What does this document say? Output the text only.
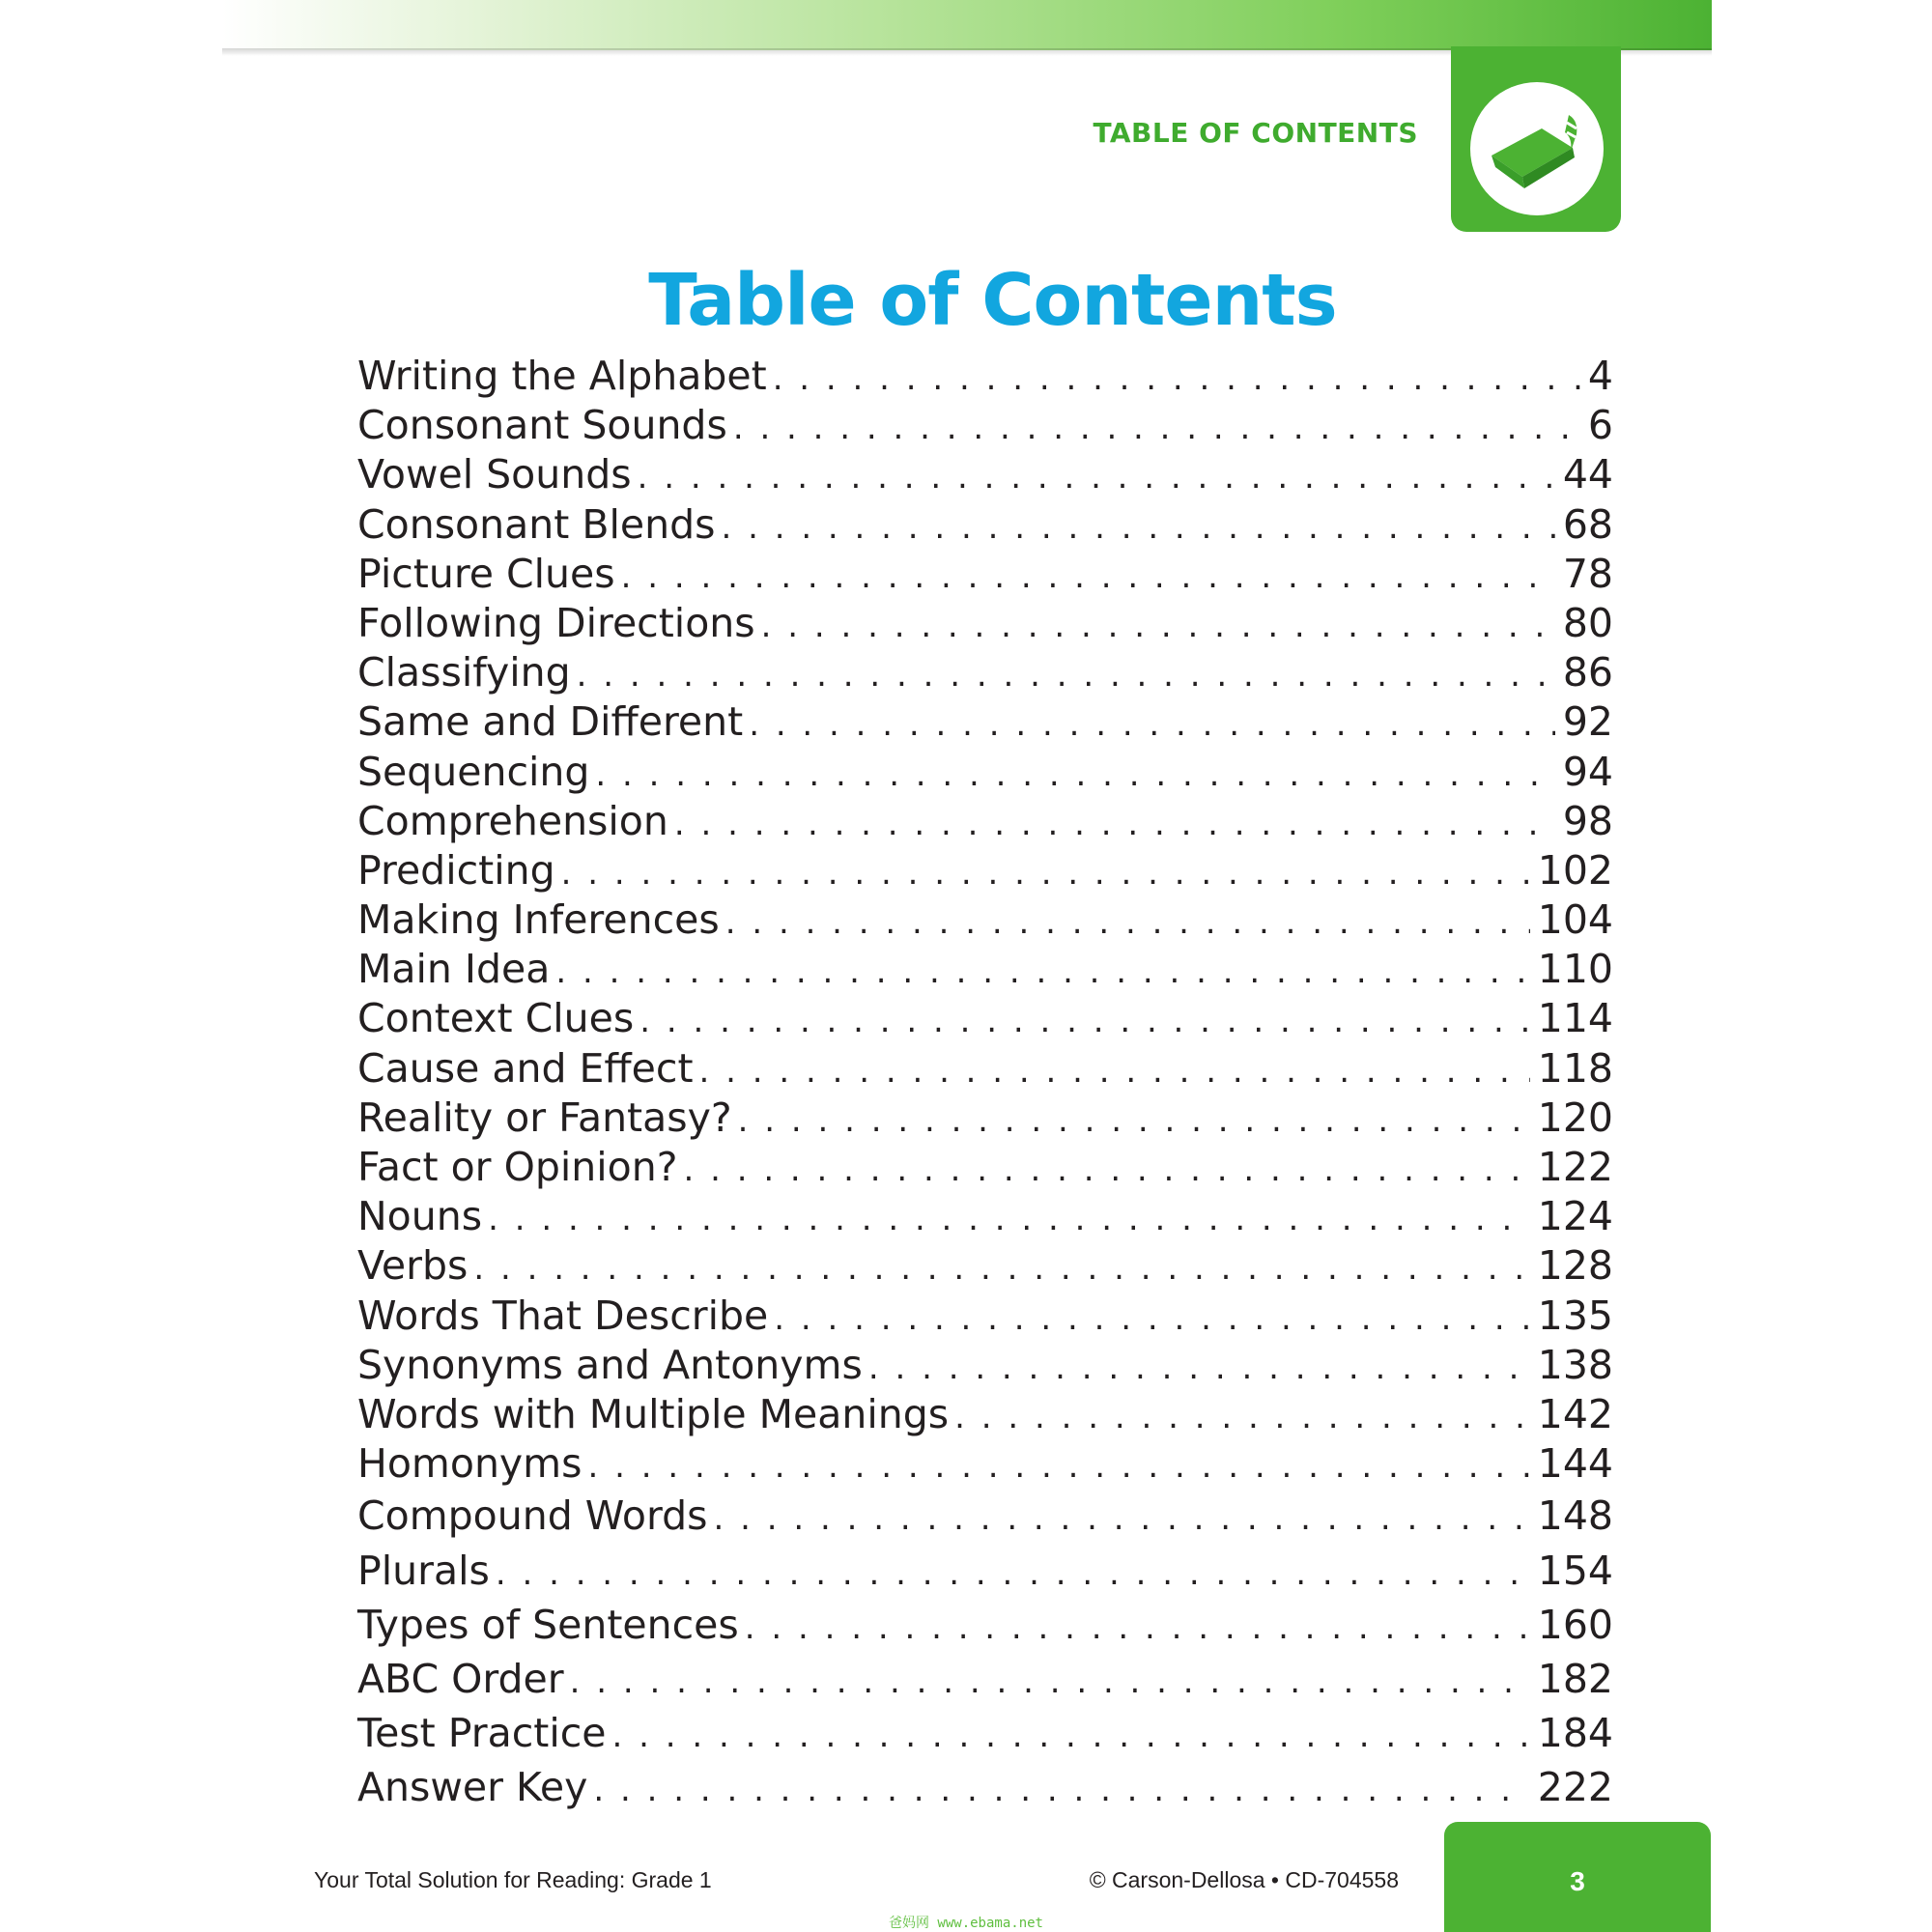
TABLE OF CONTENTS
Table of Contents
Writing the Alphabet . . .	4
Consonant Sounds . . .	6
Vowel Sounds . . .	44
Consonant Blends . . .	68
Picture Clues . . .	78
Following Directions . . .	80
Classifying . . .	86
Same and Different . . .	92
Sequencing . . .	94
Comprehension . . .	98
Predicting . . .	102
Making Inferences . . .	104
Main Idea . . .	110
Context Clues . . .	114
Cause and Effect . . .	118
Reality or Fantasy? . . .	120
Fact or Opinion? . . .	122
Nouns . . .	124
Verbs . . .	128
Words That Describe . . .	135
Synonyms and Antonyms . . .	138
Words with Multiple Meanings . . .	142
Homonyms . . .	144
Compound Words . . .	148
Plurals . . .	154
Types of Sentences . . .	160
ABC Order . . .	182
Test Practice . . .	184
Answer Key . . .	222
Your Total Solution for Reading: Grade 1	© Carson-Dellosa • CD-704558	3
爸妈网 www.ebama.net
